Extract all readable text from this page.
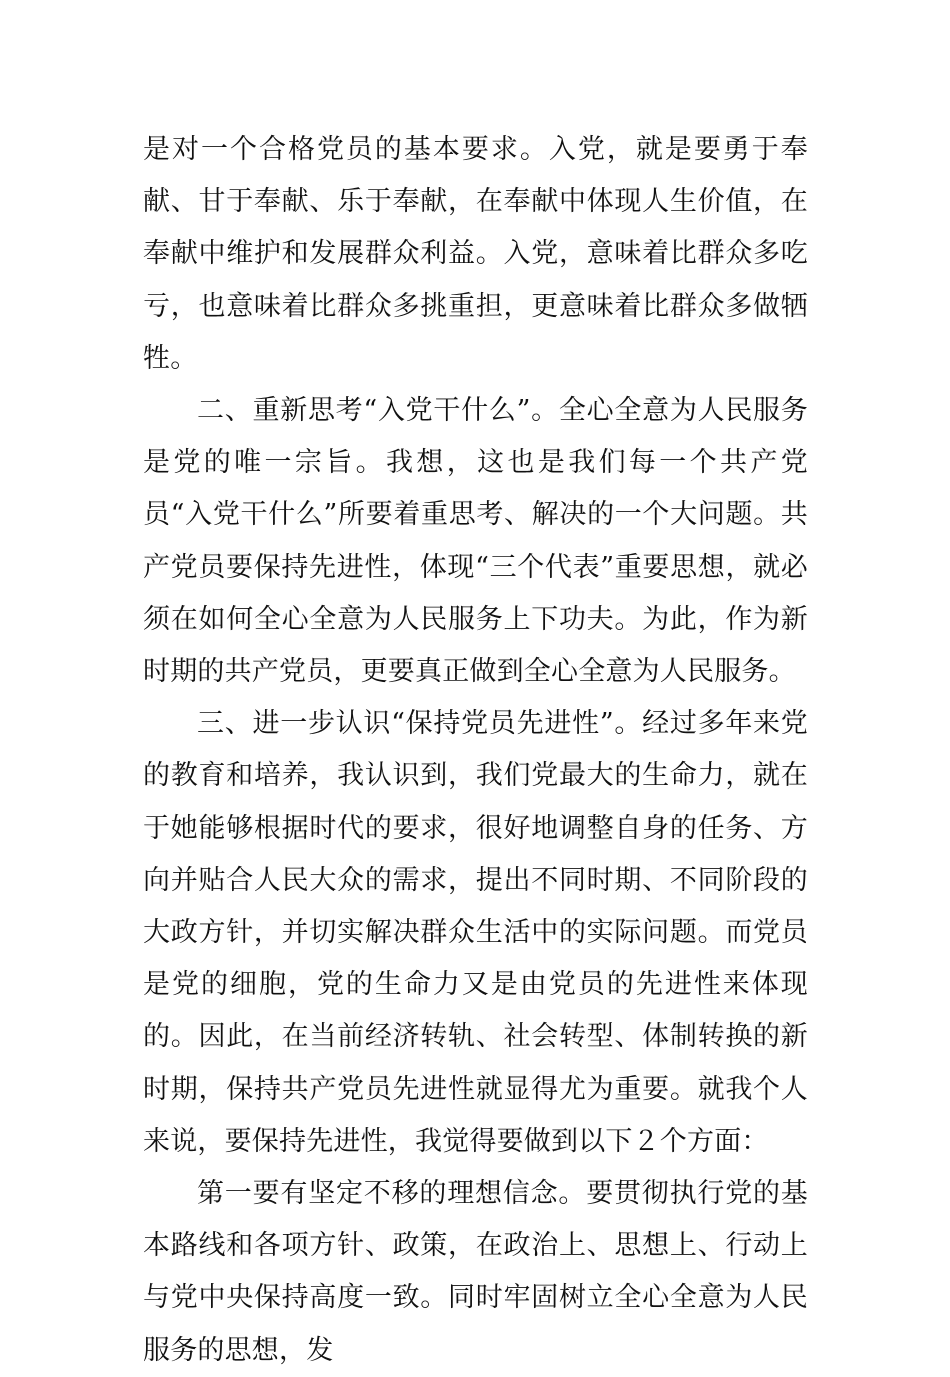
是对一个合格党员的基本要求。入党，就是要勇于奉献、甘于奉献、乐于奉献，在奉献中体现人生价值，在奉献中维护和发展群众利益。入党，意味着比群众多吃亏，也意味着比群众多挑重担，更意味着比群众多做牺牲。

二、重新思考“入党干什么”。全心全意为人民服务是党的唯一宗旨。我想，这也是我们每一个共产党员“入党干什么”所要着重思考、解决的一个大问题。共产党员要保持先进性，体现“三个代表”重要思想，就必须在如何全心全意为人民服务上下功夫。为此，作为新时期的共产党员，更要真正做到全心全意为人民服务。

三、进一步认识“保持党员先进性”。经过多年来党的教育和培养，我认识到，我们党最大的生命力，就在于她能够根据时代的要求，很好地调整自身的任务、方向并贴合人民大众的需求，提出不同时期、不同阶段的大政方针，并切实解决群众生活中的实际问题。而党员是党的细胞，党的生命力又是由党员的先进性来体现的。因此，在当前经济转轨、社会转型、体制转换的新时期，保持共产党员先进性就显得尤为重要。就我个人来说，要保持先进性，我觉得要做到以下２个方面：

第一要有坚定不移的理想信念。要贯彻执行党的基本路线和各项方针、政策，在政治上、思想上、行动上与党中央保持高度一致。同时牢固树立全心全意为人民服务的思想，发
